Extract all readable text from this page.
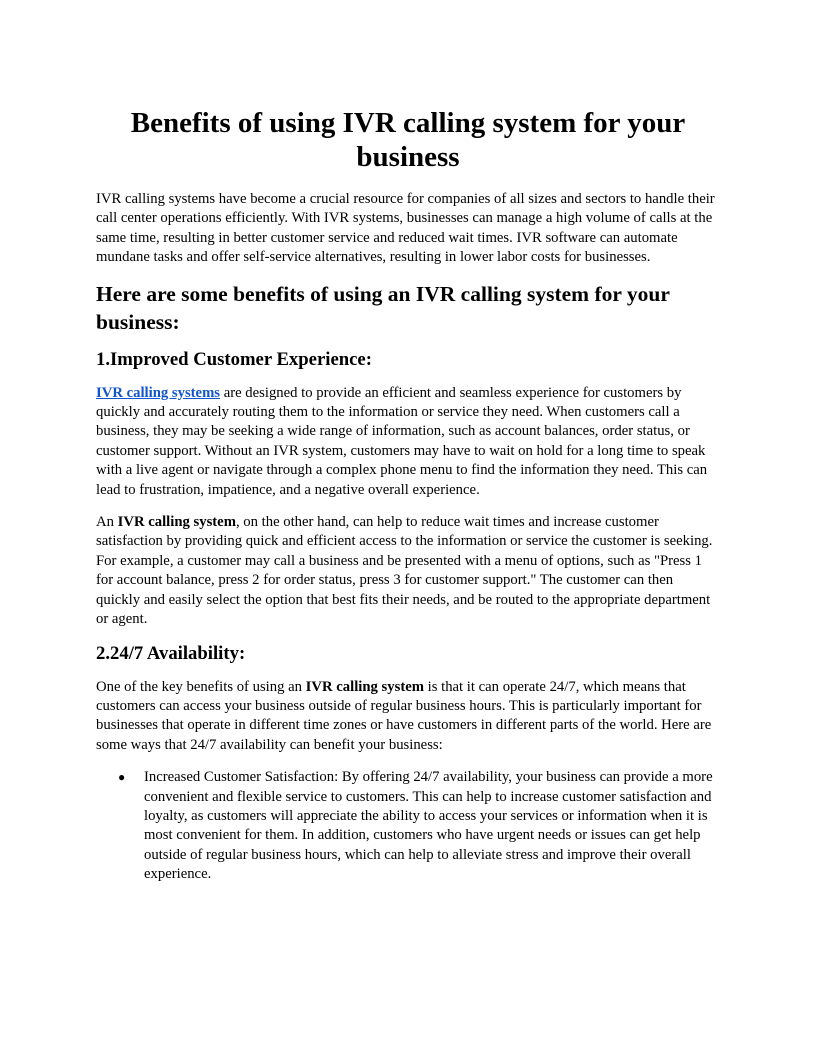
Benefits of using IVR calling system for your business

IVR calling systems have become a crucial resource for companies of all sizes and sectors to handle their call center operations efficiently. With IVR systems, businesses can manage a high volume of calls at the same time, resulting in better customer service and reduced wait times. IVR software can automate mundane tasks and offer self-service alternatives, resulting in lower labor costs for businesses.

Here are some benefits of using an IVR calling system for your business:
1.Improved Customer Experience:

IVR calling systems are designed to provide an efficient and seamless experience for customers by quickly and accurately routing them to the information or service they need. When customers call a business, they may be seeking a wide range of information, such as account balances, order status, or customer support. Without an IVR system, customers may have to wait on hold for a long time to speak with a live agent or navigate through a complex phone menu to find the information they need. This can lead to frustration, impatience, and a negative overall experience.

An IVR calling system, on the other hand, can help to reduce wait times and increase customer satisfaction by providing quick and efficient access to the information or service the customer is seeking. For example, a customer may call a business and be presented with a menu of options, such as "Press 1 for account balance, press 2 for order status, press 3 for customer support." The customer can then quickly and easily select the option that best fits their needs, and be routed to the appropriate department or agent.

2.24/7 Availability:

One of the key benefits of using an IVR calling system is that it can operate 24/7, which means that customers can access your business outside of regular business hours. This is particularly important for businesses that operate in different time zones or have customers in different parts of the world. Here are some ways that 24/7 availability can benefit your business:

● Increased Customer Satisfaction: By offering 24/7 availability, your business can provide a more convenient and flexible service to customers. This can help to increase customer satisfaction and loyalty, as customers will appreciate the ability to access your services or information when it is most convenient for them. In addition, customers who have urgent needs or issues can get help outside of regular business hours, which can help to alleviate stress and improve their overall experience.
